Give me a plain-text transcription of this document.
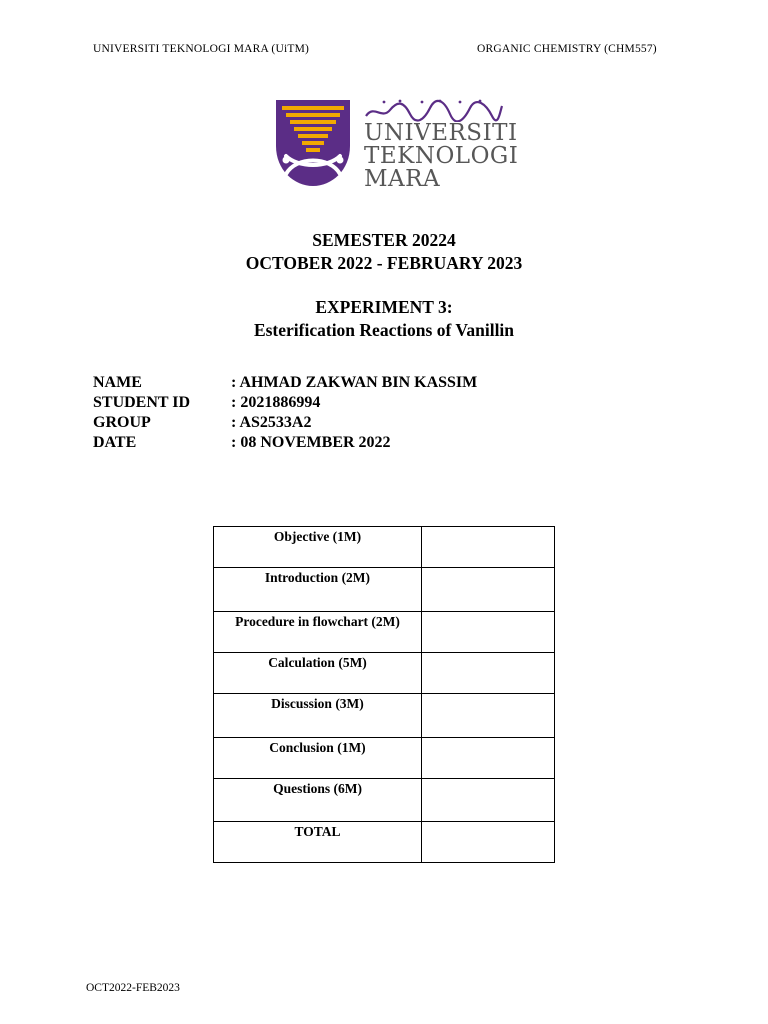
UNIVERSITI TEKNOLOGI MARA (UiTM)	ORGANIC CHEMISTRY (CHM557)
UNIVERSITI
TEKNOLOGI
MARA
SEMESTER 20224
OCTOBER 2022 - FEBRUARY 2023
EXPERIMENT 3:
Esterification Reactions of Vanillin
NAME	: AHMAD ZAKWAN BIN KASSIM
STUDENT ID	: 2021886994
GROUP	: AS2533A2
DATE	: 08 NOVEMBER 2022
Objective (1M)	
Introduction (2M)	
Procedure in flowchart (2M)	
Calculation (5M)	
Discussion (3M)	
Conclusion (1M)	
Questions (6M)	
TOTAL	
OCT2022-FEB2023
